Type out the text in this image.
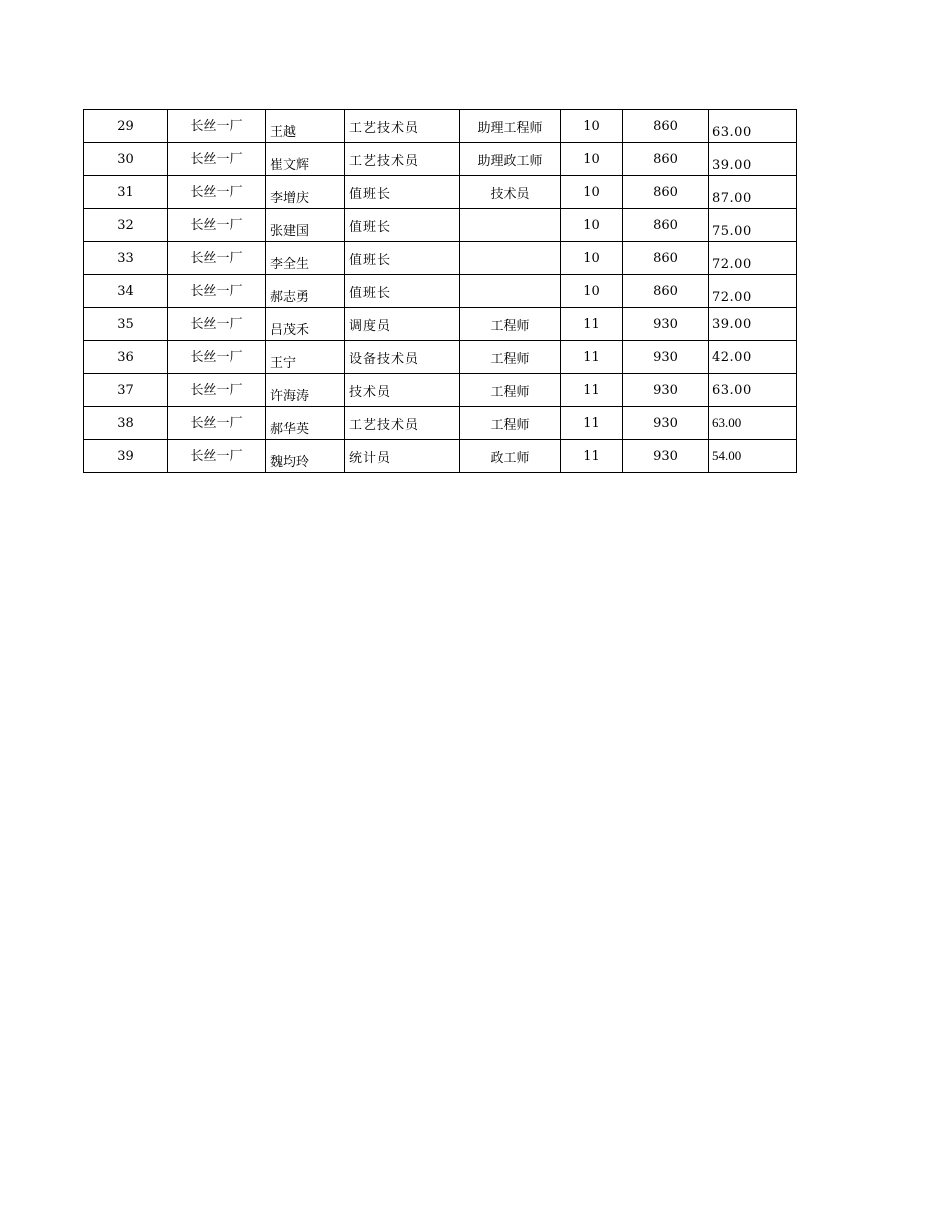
29	长丝一厂	王越	工艺技术员	助理工程师	10	860	63.00
30	长丝一厂	崔文辉	工艺技术员	助理政工师	10	860	39.00
31	长丝一厂	李增庆	值班长	技术员	10	860	87.00
32	长丝一厂	张建国	值班长		10	860	75.00
33	长丝一厂	李全生	值班长		10	860	72.00
34	长丝一厂	郝志勇	值班长		10	860	72.00
35	长丝一厂	吕茂禾	调度员	工程师	11	930	39.00
36	长丝一厂	王宁	设备技术员	工程师	11	930	42.00
37	长丝一厂	许海涛	技术员	工程师	11	930	63.00
38	长丝一厂	郝华英	工艺技术员	工程师	11	930	63.00
39	长丝一厂	魏均玲	统计员	政工师	11	930	54.00
